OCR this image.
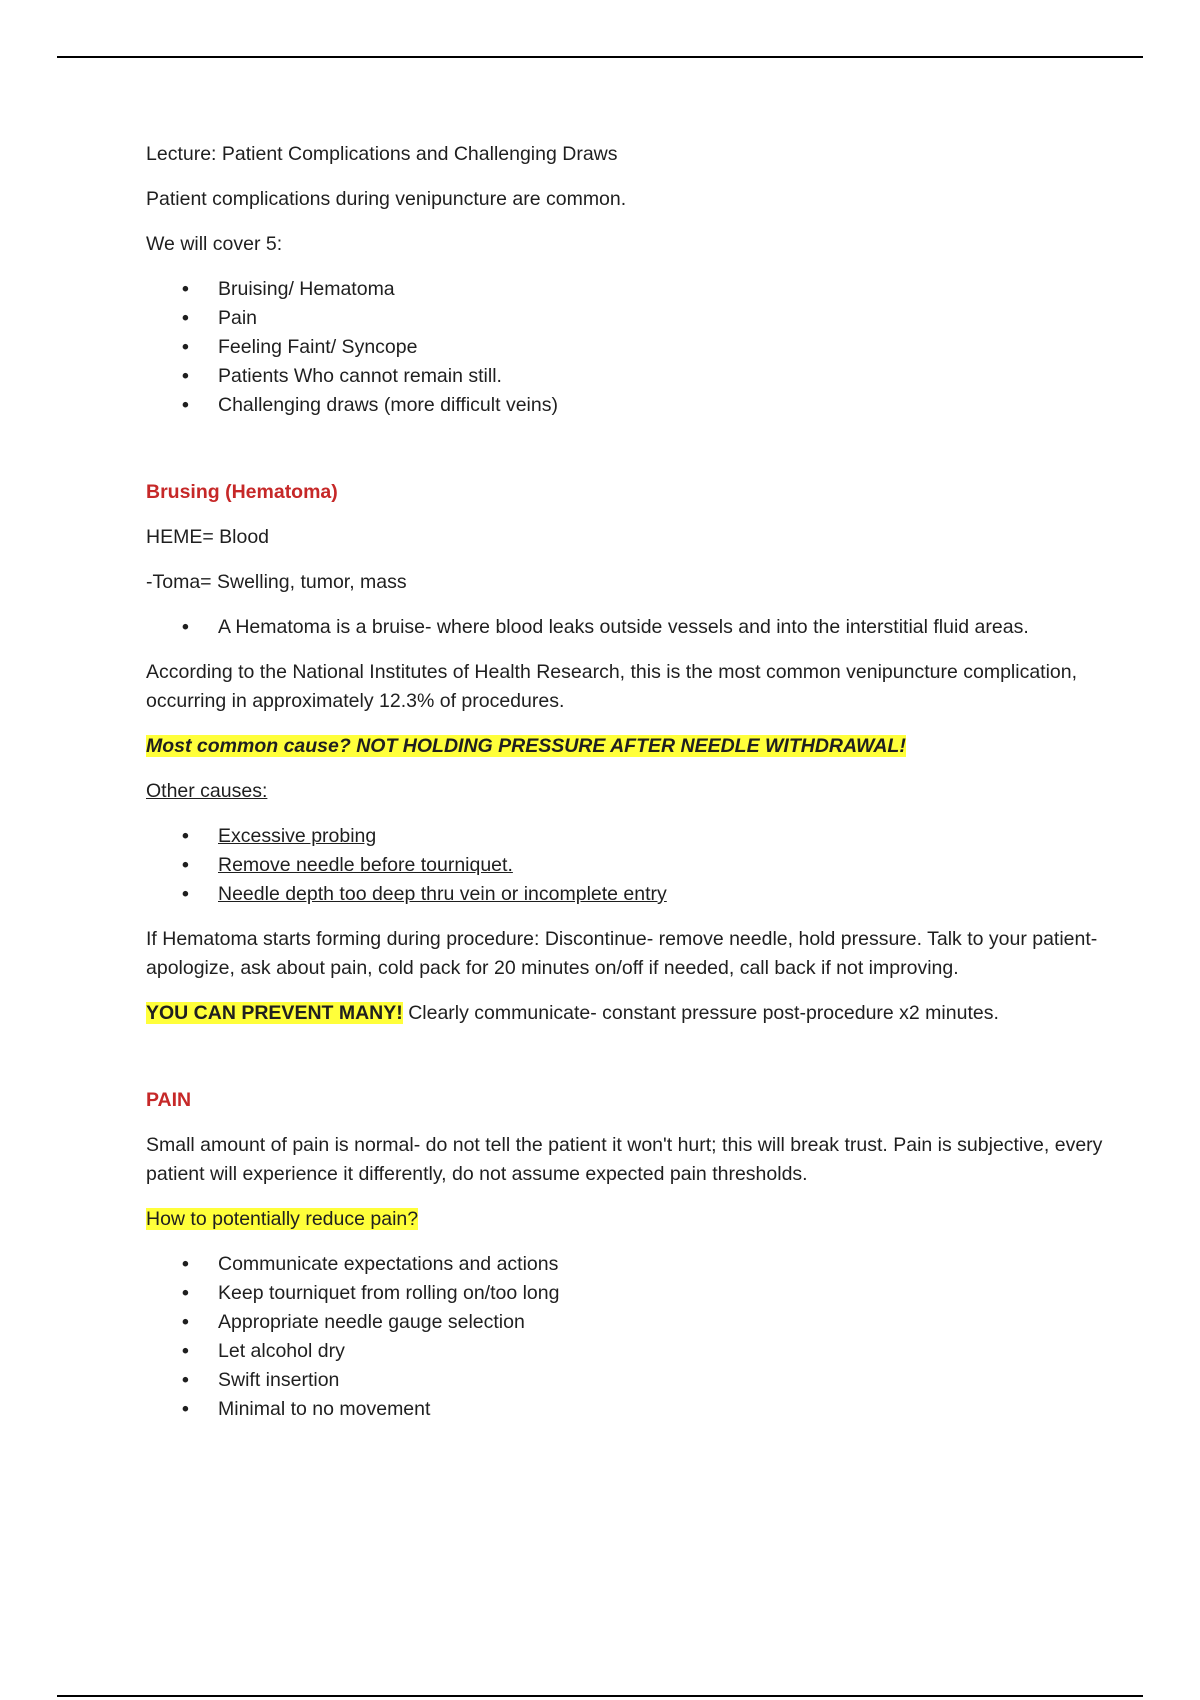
Lecture: Patient Complications and Challenging Draws

Patient complications during venipuncture are common.

We will cover 5:

• Bruising/ Hematoma
• Pain
• Feeling Faint/ Syncope
• Patients Who cannot remain still.
• Challenging draws (more difficult veins)

Brusing (Hematoma)

HEME= Blood

-Toma= Swelling, tumor, mass

• A Hematoma is a bruise- where blood leaks outside vessels and into the interstitial fluid areas.

According to the National Institutes of Health Research, this is the most common venipuncture complication, occurring in approximately 12.3% of procedures.

Most common cause? NOT HOLDING PRESSURE AFTER NEEDLE WITHDRAWAL!

Other causes:

• Excessive probing
• Remove needle before tourniquet.
• Needle depth too deep thru vein or incomplete entry

If Hematoma starts forming during procedure: Discontinue- remove needle, hold pressure. Talk to your patient- apologize, ask about pain, cold pack for 20 minutes on/off if needed, call back if not improving.

YOU CAN PREVENT MANY! Clearly communicate- constant pressure post-procedure x2 minutes.

PAIN

Small amount of pain is normal- do not tell the patient it won't hurt; this will break trust. Pain is subjective, every patient will experience it differently, do not assume expected pain thresholds.

How to potentially reduce pain?

• Communicate expectations and actions
• Keep tourniquet from rolling on/too long
• Appropriate needle gauge selection
• Let alcohol dry
• Swift insertion
• Minimal to no movement
